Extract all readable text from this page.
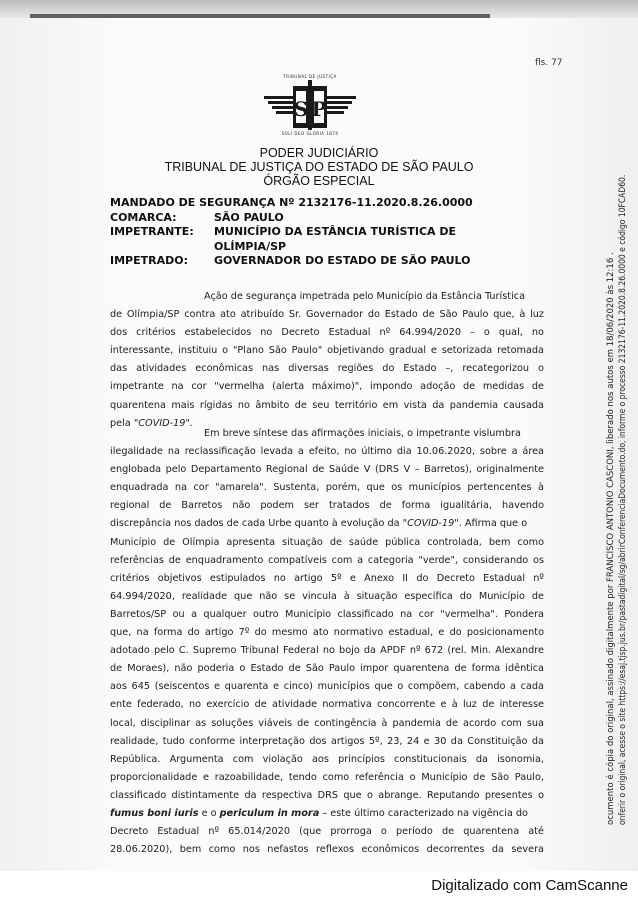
fls. 77
TRIBUNAL DE JUSTIÇA
S P
SOLI DEO GLORIA 1874
PODER JUDICIÁRIO
TRIBUNAL DE JUSTIÇA DO ESTADO DE SÃO PAULO
ÓRGÃO ESPECIAL
MANDADO DE SEGURANÇA Nº 2132176-11.2020.8.26.0000
COMARCA:	SÃO PAULO
IMPETRANTE: MUNICÍPIO DA ESTÂNCIA TURÍSTICA DE
OLÍMPIA/SP
IMPETRADO: GOVERNADOR DO ESTADO DE SÃO PAULO
Ação de segurança impetrada pelo Município da Estância Turística
de Olímpia/SP contra ato atribuído Sr. Governador do Estado de São Paulo que, à luz
dos critérios estabelecidos no Decreto Estadual nº 64.994/2020 – o qual, no
interessante, instituiu o "Plano São Paulo" objetivando gradual e setorizada retomada
das atividades econômicas nas diversas regiões do Estado –, recategorizou o
impetrante na cor "vermelha (alerta máximo)", impondo adoção de medidas de
quarentena mais rígidas no âmbito de seu território em vista da pandemia causada
pela "COVID-19".
Em breve síntese das afirmações iniciais, o impetrante vislumbra
ilegalidade na reclassificação levada a efeito, no último dia 10.06.2020, sobre a área
englobada pelo Departamento Regional de Saúde V (DRS V – Barretos), originalmente
enquadrada na cor "amarela". Sustenta, porém, que os municípios pertencentes à
regional de Barretos não podem ser tratados de forma igualitária, havendo
discrepância nos dados de cada Urbe quanto à evolução da "COVID-19". Afirma que o
Município de Olímpia apresenta situação de saúde pública controlada, bem como
referências de enquadramento compatíveis com a categoria "verde", considerando os
critérios objetivos estipulados no artigo 5º e Anexo II do Decreto Estadual nº
64.994/2020, realidade que não se vincula à situação específica do Município de
Barretos/SP ou a qualquer outro Município classificado na cor "vermelha". Pondera
que, na forma do artigo 7º do mesmo ato normativo estadual, e do posicionamento
adotado pelo C. Supremo Tribunal Federal no bojo da APDF nº 672 (rel. Min. Alexandre
de Moraes), não poderia o Estado de São Paulo impor quarentena de forma idêntica
aos 645 (seiscentos e quarenta e cinco) municípios que o compõem, cabendo a cada
ente federado, no exercício de atividade normativa concorrente e à luz de interesse
local, disciplinar as soluções viáveis de contingência à pandemia de acordo com sua
realidade, tudo conforme interpretação dos artigos 5º, 23, 24 e 30 da Constituição da
República. Argumenta com violação aos princípios constitucionais da isonomia,
proporcionalidade e razoabilidade, tendo como referência o Município de São Paulo,
classificado distintamente da respectiva DRS que o abrange. Reputando presentes o
fumus boni iuris e o periculum in mora – este último caracterizado na vigência do
Decreto Estadual nº 65.014/2020 (que prorroga o período de quarentena até
28.06.2020), bem como nos nefastos reflexos econômicos decorrentes da severa
ocumento é cópia do original, assinado digitalmente por FRANCISCO ANTONIO CASCONI, liberado nos autos em 18/06/2020 às 12:16 . onferir o original, acesse o site https://esaj.tjsp.jus.br/pastadigital/sg/abrirConferenciaDocumento.do, informe o processo 2132176-11.2020.8.26.0000 e código 10FCAD60.
Digitalizado com CamScanne
